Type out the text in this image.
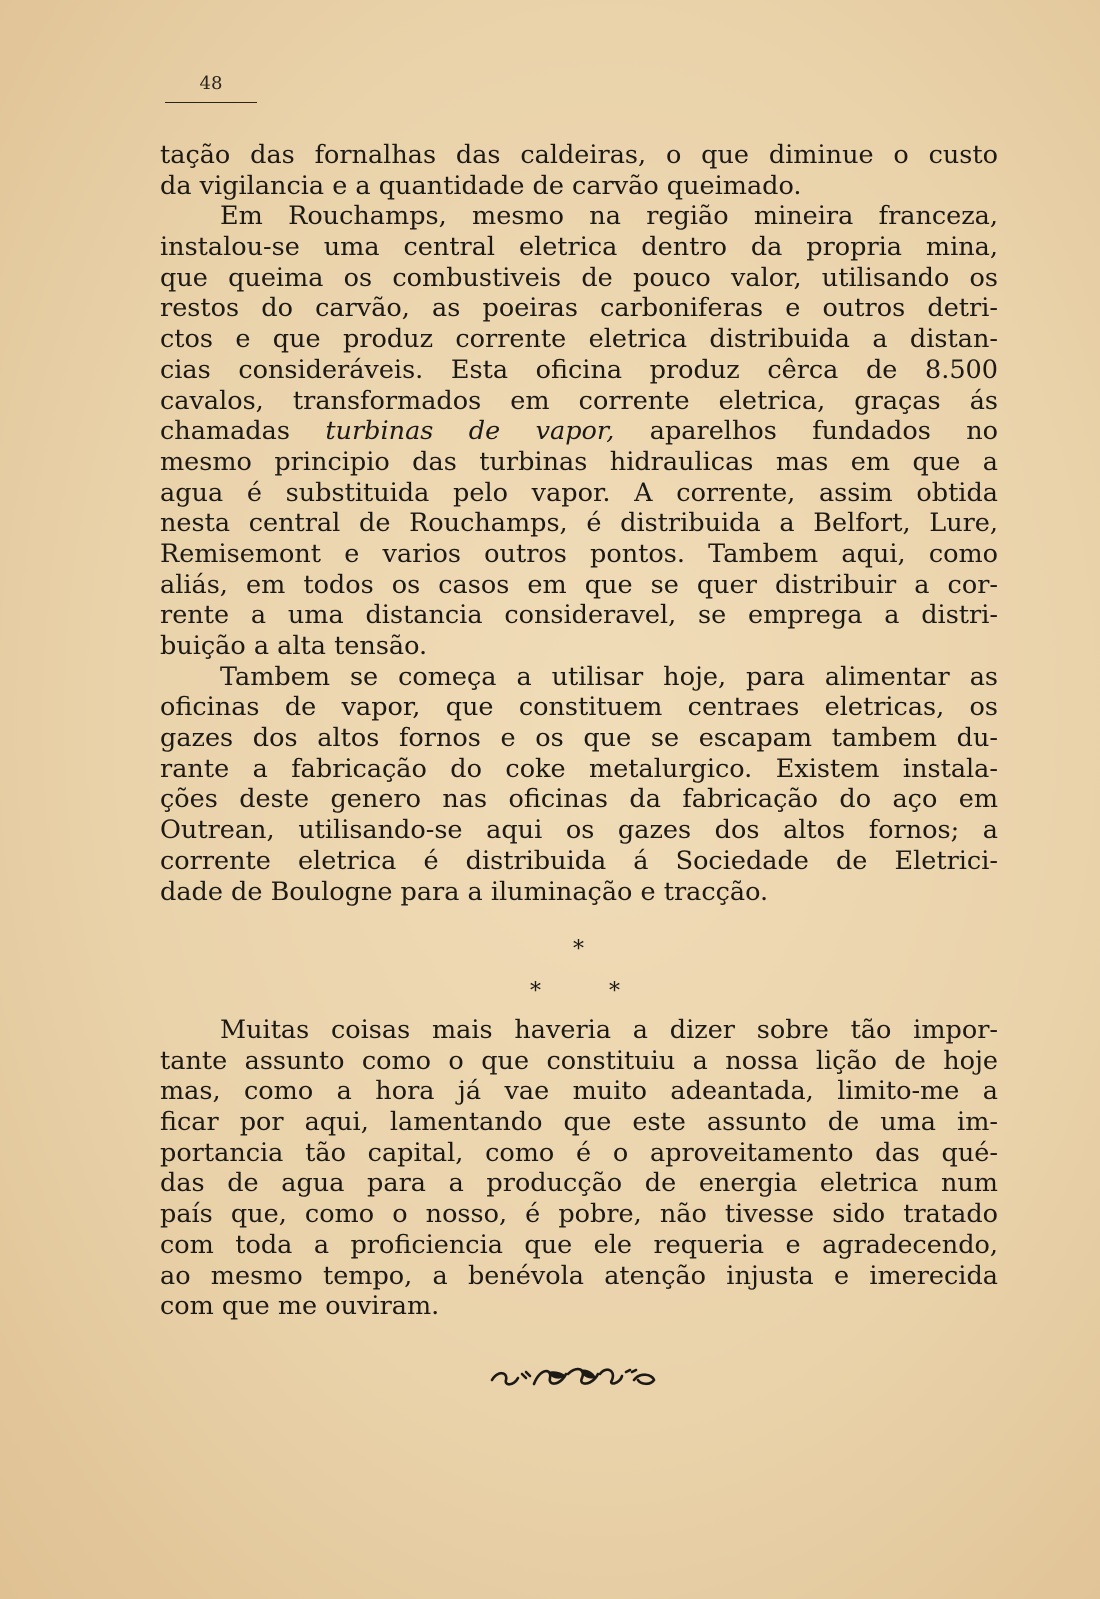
48
tação das fornalhas das caldeiras, o que diminue o custo
da vigilancia e a quantidade de carvão queimado.
Em Rouchamps, mesmo na região mineira franceza,
instalou-se uma central eletrica dentro da propria mina,
que queima os combustiveis de pouco valor, utilisando os
restos do carvão, as poeiras carboniferas e outros detri-
ctos e que produz corrente eletrica distribuida a distan-
cias consideráveis. Esta oficina produz cêrca de 8.500
cavalos, transformados em corrente eletrica, graças ás
chamadas turbinas de vapor, aparelhos fundados no
mesmo principio das turbinas hidraulicas mas em que a
agua é substituida pelo vapor. A corrente, assim obtida
nesta central de Rouchamps, é distribuida a Belfort, Lure,
Remisemont e varios outros pontos. Tambem aqui, como
aliás, em todos os casos em que se quer distribuir a cor-
rente a uma distancia consideravel, se emprega a distri-
buição a alta tensão.
Tambem se começa a utilisar hoje, para alimentar as
oficinas de vapor, que constituem centraes eletricas, os
gazes dos altos fornos e os que se escapam tambem du-
rante a fabricação do coke metalurgico. Existem instala-
ções deste genero nas oficinas da fabricação do aço em
Outrean, utilisando-se aqui os gazes dos altos fornos; a
corrente eletrica é distribuida á Sociedade de Eletrici-
dade de Boulogne para a iluminação e tracção.
*
*	*
Muitas coisas mais haveria a dizer sobre tão impor-
tante assunto como o que constituiu a nossa lição de hoje
mas, como a hora já vae muito adeantada, limito-me a
ficar por aqui, lamentando que este assunto de uma im-
portancia tão capital, como é o aproveitamento das qué-
das de agua para a producção de energia eletrica num
país que, como o nosso, é pobre, não tivesse sido tratado
com toda a proficiencia que ele requeria e agradecendo,
ao mesmo tempo, a benévola atenção injusta e imerecida
com que me ouviram.
